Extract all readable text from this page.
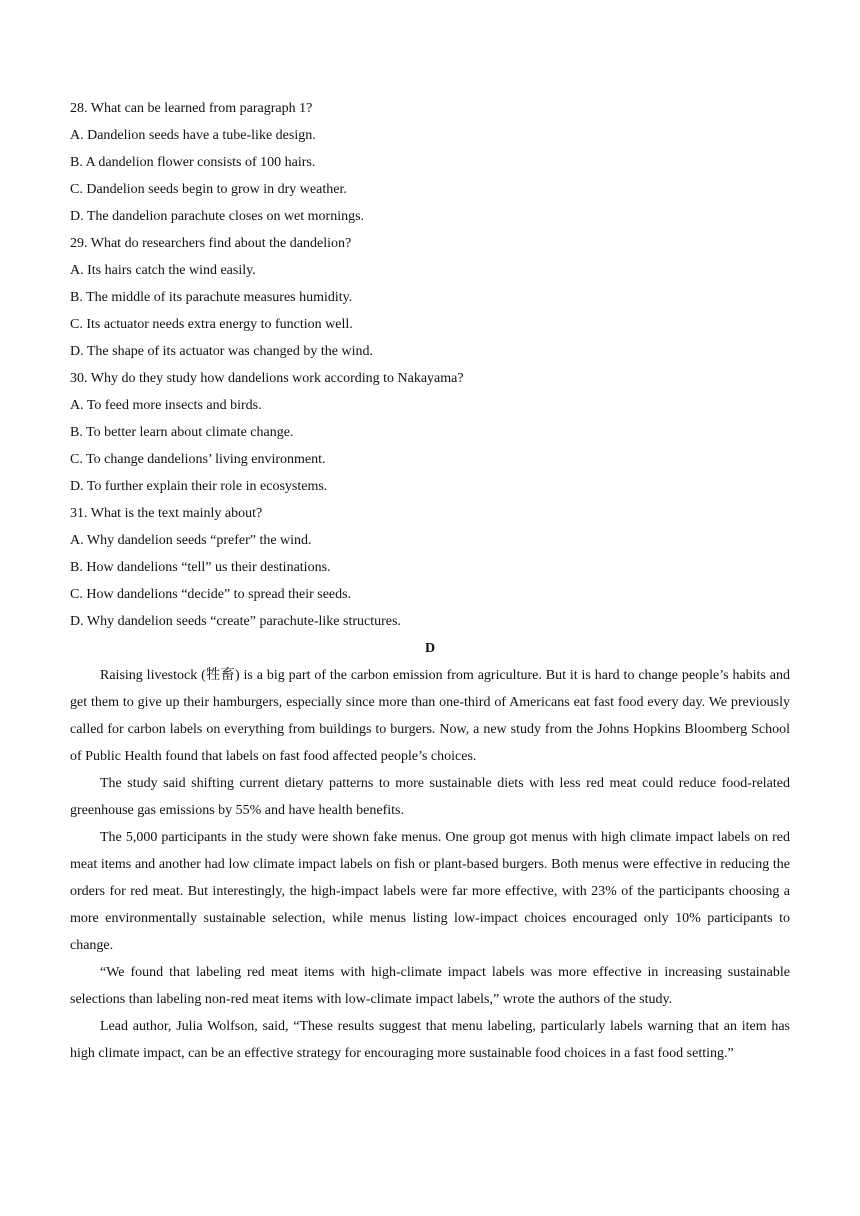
28. What can be learned from paragraph 1?
A. Dandelion seeds have a tube-like design.
B. A dandelion flower consists of 100 hairs.
C. Dandelion seeds begin to grow in dry weather.
D. The dandelion parachute closes on wet mornings.
29. What do researchers find about the dandelion?
A. Its hairs catch the wind easily.
B. The middle of its parachute measures humidity.
C. Its actuator needs extra energy to function well.
D. The shape of its actuator was changed by the wind.
30. Why do they study how dandelions work according to Nakayama?
A. To feed more insects and birds.
B. To better learn about climate change.
C. To change dandelions’ living environment.
D. To further explain their role in ecosystems.
31. What is the text mainly about?
A. Why dandelion seeds “prefer” the wind.
B. How dandelions “tell” us their destinations.
C. How dandelions “decide” to spread their seeds.
D. Why dandelion seeds “create” parachute-like structures.
D

Raising livestock (牲畜) is a big part of the carbon emission from agriculture. But it is hard to change people’s habits and get them to give up their hamburgers, especially since more than one-third of Americans eat fast food every day. We previously called for carbon labels on everything from buildings to burgers. Now, a new study from the Johns Hopkins Bloomberg School of Public Health found that labels on fast food affected people’s choices.

The study said shifting current dietary patterns to more sustainable diets with less red meat could reduce food-related greenhouse gas emissions by 55% and have health benefits.

The 5,000 participants in the study were shown fake menus. One group got menus with high climate impact labels on red meat items and another had low climate impact labels on fish or plant-based burgers. Both menus were effective in reducing the orders for red meat. But interestingly, the high-impact labels were far more effective, with 23% of the participants choosing a more environmentally sustainable selection, while menus listing low-impact choices encouraged only 10% participants to change.

“We found that labeling red meat items with high-climate impact labels was more effective in increasing sustainable selections than labeling non-red meat items with low-climate impact labels,” wrote the authors of the study.

Lead author, Julia Wolfson, said, “These results suggest that menu labeling, particularly labels warning that an item has high climate impact, can be an effective strategy for encouraging more sustainable food choices in a fast food setting.”
